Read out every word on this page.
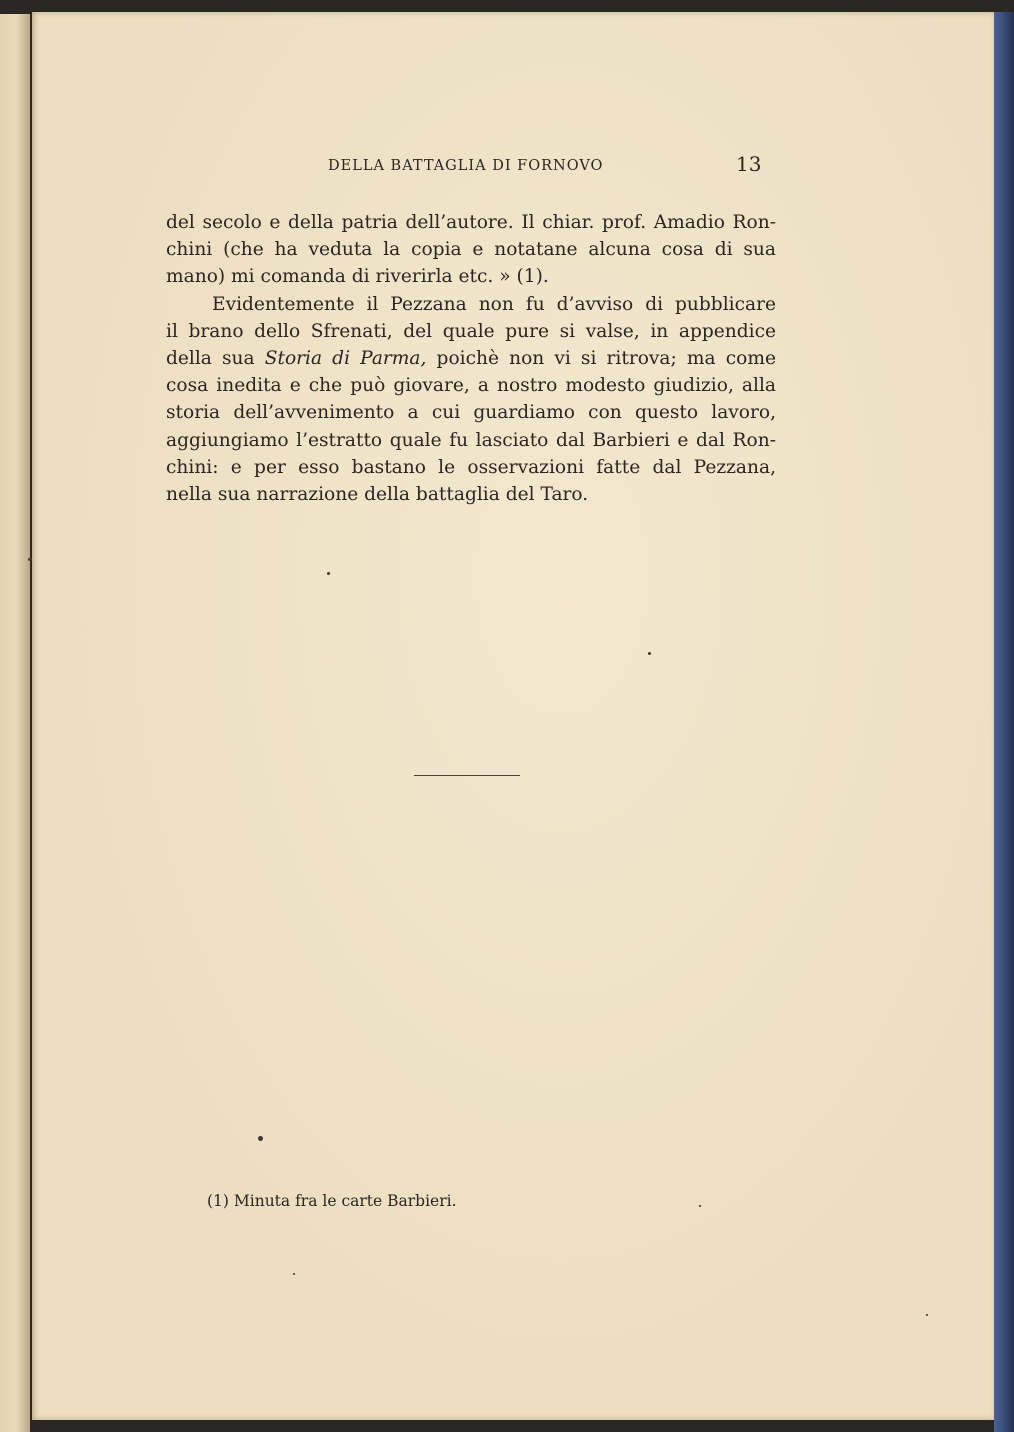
DELLA BATTAGLIA DI FORNOVO	13
del secolo e della patria dell’autore. Il chiar. prof. Amadio Ron-
chini (che ha veduta la copia e notatane alcuna cosa di sua
mano) mi comanda di riverirla etc. » (1).
Evidentemente il Pezzana non fu d’avviso di pubblicare
il brano dello Sfrenati, del quale pure si valse, in appendice
della sua Storia di Parma, poichè non vi si ritrova; ma come
cosa inedita e che può giovare, a nostro modesto giudizio, alla
storia dell’avvenimento a cui guardiamo con questo lavoro,
aggiungiamo l’estratto quale fu lasciato dal Barbieri e dal Ron-
chini: e per esso bastano le osservazioni fatte dal Pezzana,
nella sua narrazione della battaglia del Taro.
(1) Minuta fra le carte Barbieri.
